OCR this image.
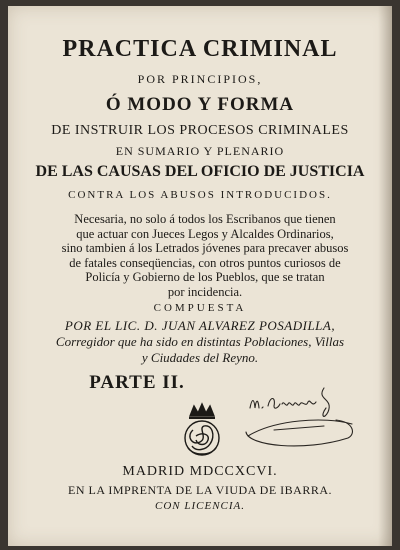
PRACTICA CRIMINAL
POR PRINCIPIOS,
Ó MODO Y FORMA
DE INSTRUIR LOS PROCESOS CRIMINALES
EN SUMARIO Y PLENARIO
DE LAS CAUSAS DEL OFICIO DE JUSTICIA
CONTRA LOS ABUSOS INTRODUCIDOS.
Necesaria, no solo á todos los Escribanos que tienen
que actuar con Jueces Legos y Alcaldes Ordinarios,
sino tambien á los Letrados jóvenes para precaver abusos
de fatales conseqüencias, con otros puntos curiosos de
Policía y Gobierno de los Pueblos, que se tratan
por incidencia.
COMPUESTA
POR EL LIC. D. JUAN ALVAREZ POSADILLA,
Corregidor que ha sido en distintas Poblaciones, Villas
y Ciudades del Reyno.
PARTE II.
MADRID MDCCXCVI.
EN LA IMPRENTA DE LA VIUDA DE IBARRA.
CON LICENCIA.
